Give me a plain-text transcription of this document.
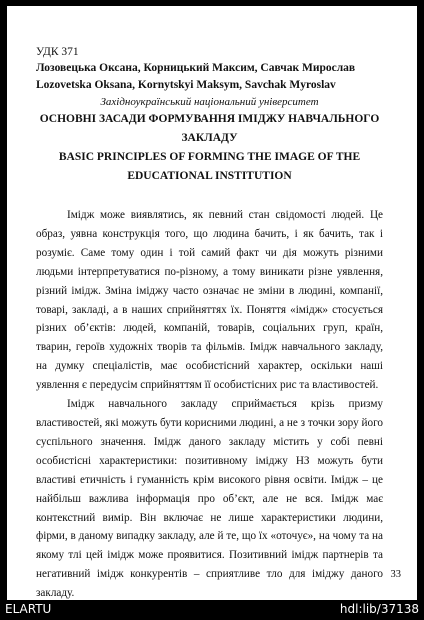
УДК 371
Лозовецька Оксана, Корницький Максим, Савчак Мирослав
Lozovetska Oksana, Kornytskyi Maksym, Savchak Myroslav
Західноукраїнський національний університет
ОСНОВНІ ЗАСАДИ ФОРМУВАННЯ ІМІДЖУ НАВЧАЛЬНОГО
ЗАКЛАДУ
BASIC PRINCIPLES OF FORMING THE IMAGE OF THE
EDUCATIONAL INSTITUTION

Імідж може виявлятись, як певний стан свідомості людей. Це образ, уявна конструкція того, що людина бачить, і як бачить, так і розуміє. Саме тому один і той самий факт чи дія можуть різними людьми інтерпретуватися по-різному, а тому виникати різне уявлення, різний імідж. Зміна іміджу часто означає не зміни в людині, компанії, товарі, закладі, а в наших сприйняттях їх. Поняття «імідж» стосується різних об’єктів: людей, компаній, товарів, соціальних груп, країн, тварин, героїв художніх творів та фільмів. Імідж навчального закладу, на думку спеціалістів, має особистісний характер, оскільки наші уявлення є передусім сприйняттям її особистісних рис та властивостей.

Імідж навчального закладу сприймається крізь призму властивостей, які можуть бути корисними людині, а не з точки зору його суспільного значення. Імідж даного закладу містить у собі певні особистісні характеристики: позитивному іміджу НЗ можуть бути властиві етичність і гуманність крім високого рівня освіти. Імідж – це найбільш важлива інформація про об’єкт, але не вся. Імідж має контекстний вимір. Він включає не лише характеристики людини, фірми, в даному випадку закладу, але й те, що їх «оточує», на чому та на якому тлі цей імідж може проявитися. Позитивний імідж партнерів та негативний імідж конкурентів – сприятливе тло для іміджу даного закладу.

33
ELARTU	hdl:lib/37138
